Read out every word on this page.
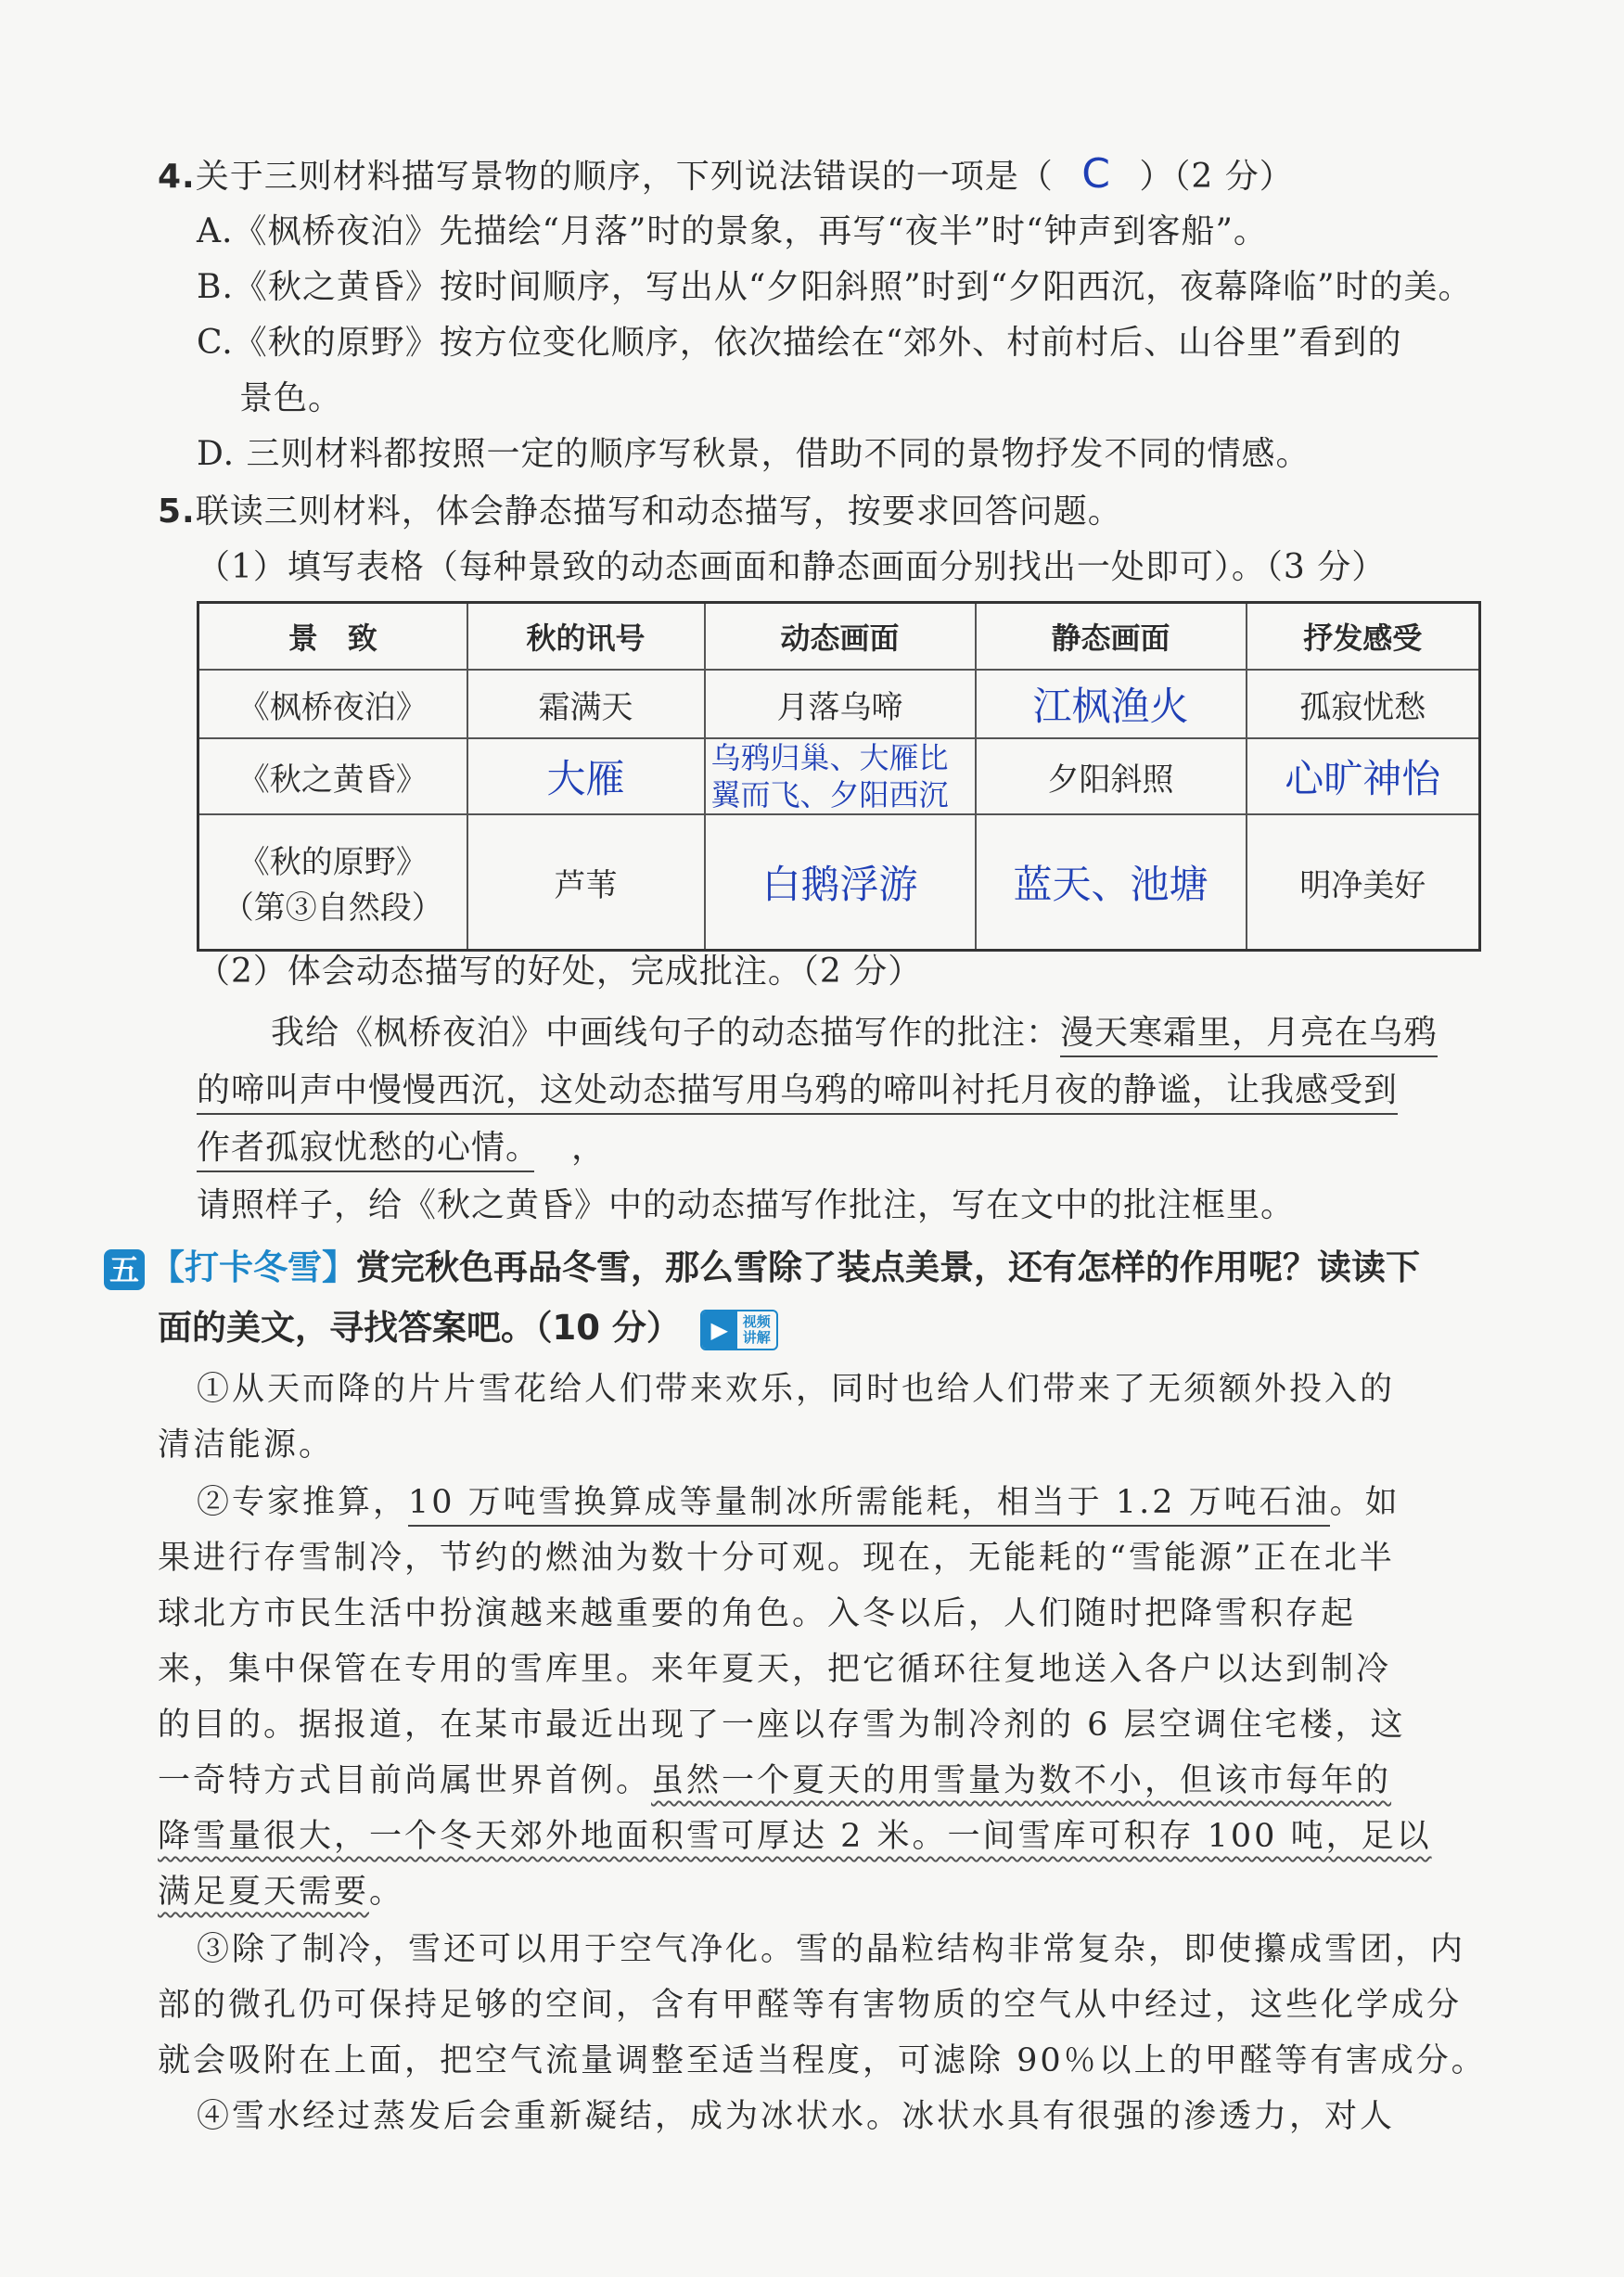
4.关于三则材料描写景物的顺序，下列说法错误的一项是（ C ）（2 分）
A.《枫桥夜泊》先描绘“月落”时的景象，再写“夜半”时“钟声到客船”。
B.《秋之黄昏》按时间顺序，写出从“夕阳斜照”时到“夕阳西沉，夜幕降临”时的美。
C.《秋的原野》按方位变化顺序，依次描绘在“郊外、村前村后、山谷里”看到的
景色。
D. 三则材料都按照一定的顺序写秋景，借助不同的景物抒发不同的情感。
5.联读三则材料，体会静态描写和动态描写，按要求回答问题。
（1）填写表格（每种景致的动态画面和静态画面分别找出一处即可）。（3 分）
景　致	秋的讯号	动态画面	静态画面	抒发感受
《枫桥夜泊》	霜满天	月落乌啼	江枫渔火	孤寂忧愁
《秋之黄昏》	大雁	乌鸦归巢、大雁比翼而飞、夕阳西沉	夕阳斜照	心旷神怡

《秋的原野》
（第③自然段）	芦苇	白鹅浮游	蓝天、池塘	明净美好
（2）体会动态描写的好处，完成批注。（2 分）
我给《枫桥夜泊》中画线句子的动态描写作的批注：漫天寒霜里，月亮在乌鸦
的啼叫声中慢慢西沉，这处动态描写用乌鸦的啼叫衬托月夜的静谧，让我感受到
作者孤寂忧愁的心情。 ，
请照样子，给《秋之黄昏》中的动态描写作批注，写在文中的批注框里。
五 【打卡冬雪】赏完秋色再品冬雪，那么雪除了装点美景，还有怎样的作用呢？读读下
面的美文，寻找答案吧。（10 分）	▶	视频
讲解
①从天而降的片片雪花给人们带来欢乐，同时也给人们带来了无须额外投入的
清洁能源。
②专家推算，10 万吨雪换算成等量制冰所需能耗，相当于 1.2 万吨石油。如
果进行存雪制冷，节约的燃油为数十分可观。现在，无能耗的“雪能源”正在北半
球北方市民生活中扮演越来越重要的角色。入冬以后，人们随时把降雪积存起
来，集中保管在专用的雪库里。来年夏天，把它循环往复地送入各户以达到制冷
的目的。据报道，在某市最近出现了一座以存雪为制冷剂的 6 层空调住宅楼，这
一奇特方式目前尚属世界首例。虽然一个夏天的用雪量为数不小，但该市每年的
降雪量很大，一个冬天郊外地面积雪可厚达 2 米。一间雪库可积存 100 吨，足以
满足夏天需要。
③除了制冷，雪还可以用于空气净化。雪的晶粒结构非常复杂，即使攥成雪团，内
部的微孔仍可保持足够的空间，含有甲醛等有害物质的空气从中经过，这些化学成分
就会吸附在上面，把空气流量调整至适当程度，可滤除 90％以上的甲醛等有害成分。
④雪水经过蒸发后会重新凝结，成为冰状水。冰状水具有很强的渗透力，对人
